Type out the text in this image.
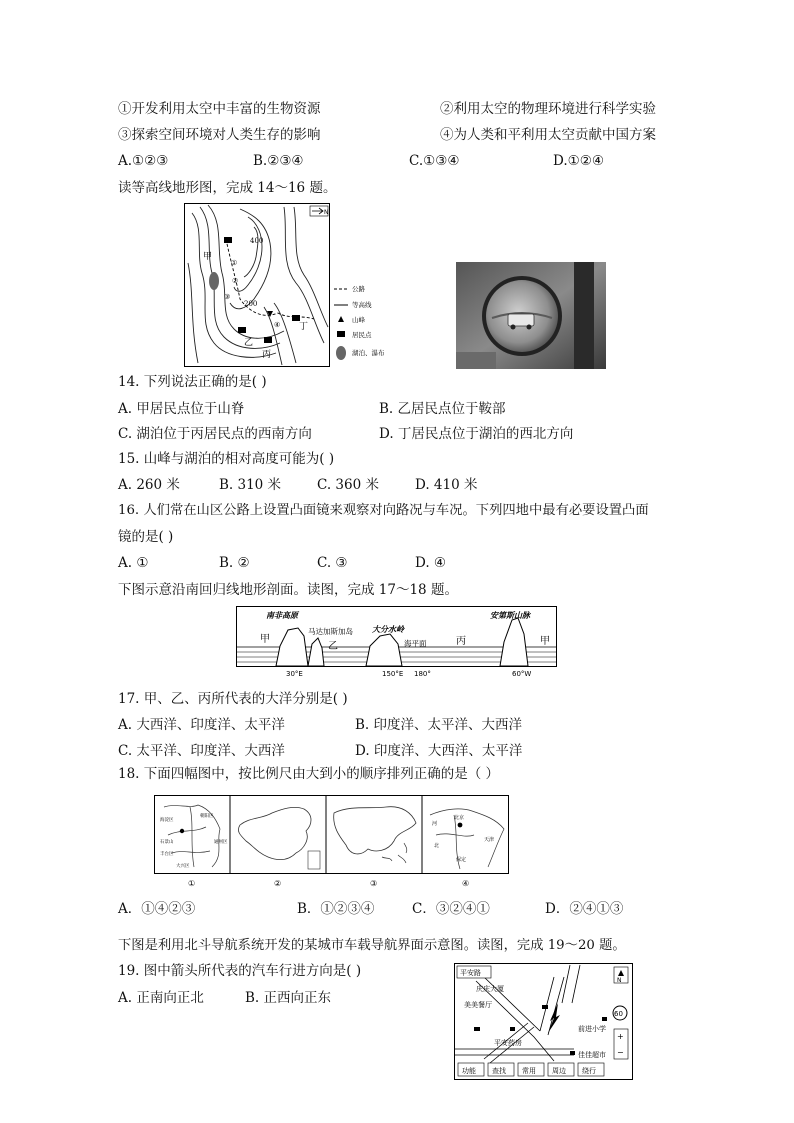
①开发利用太空中丰富的生物资源	②利用太空的物理环境进行科学实验
③探索空间环境对人类生存的影响	④为人类和平利用太空贡献中国方案
A.①②③	B.②③④	C.①③④	D.①②④
读等高线地形图，完成 14～16 题。
N
400
200
甲
乙
丙
丁
①
②
③
④
公路
等高线
山峰
居民点
湖泊、瀑布
14. 下列说法正确的是( )
A. 甲居民点位于山脊	B. 乙居民点位于鞍部
C. 湖泊位于丙居民点的西南方向	D. 丁居民点位于湖泊的西北方向
15. 山峰与湖泊的相对高度可能为( )
A. 260 米	B. 310 米	C. 360 米	D. 410 米
16. 人们常在山区公路上设置凸面镜来观察对向路况与车况。下列四地中最有必要设置凸面
镜的是( )
A. ①	B. ②	C. ③	D. ④
下图示意沿南回归线地形剖面。读图，完成 17～18 题。
南非高原
马达加斯加岛 大分水岭
安第斯山脉
海平面
甲
乙	丙	甲
30°E	150°E 180°	60°W
17. 甲、乙、丙所代表的大洋分别是( )
A. 大西洋、印度洋、太平洋	B. 印度洋、太平洋、大西洋
C. 太平洋、印度洋、大西洋	D. 印度洋、大西洋、太平洋
18. 下面四幅图中，按比例尺由大到小的顺序排列正确的是（ ）
海淀区
朝阳区
石景山
丰台区
大兴区
通州区
北京
天津
河
北
保定
①	②	③	④
A．①④②③	B．①②③④	C．③②④①	D．②④①③
下图是利用北斗导航系统开发的某城市车载导航界面示意图。读图，完成 19～20 题。
19. 图中箭头所代表的汽车行进方向是( )
A. 正南向正北	B. 正西向正东
平安路
庆庆大厦
美美餐厅
前进小学
平安药房
佳佳超市
N
60
+
−
功能 查找 常用 周边 绕行
